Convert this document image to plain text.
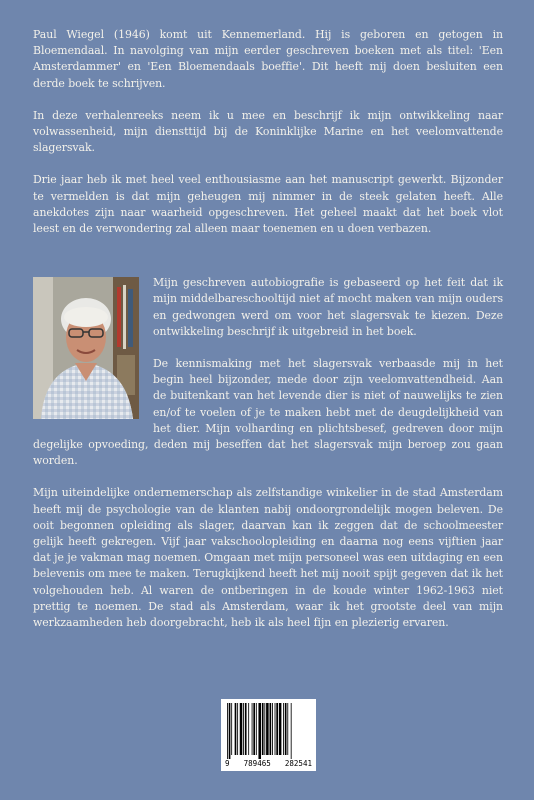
Paul Wiegel (1946) komt uit Kennemerland. Hij is geboren en getogen in Bloemendaal. In navolging van mijn eerder geschreven boeken met als titel: 'Een Amsterdammer' en 'Een Bloemendaals boeffie'. Dit heeft mij doen besluiten een derde boek te schrijven.

In deze verhalenreeks neem ik u mee en beschrijf ik mijn ontwikkeling naar volwassenheid, mijn diensttijd bij de Koninklijke Marine en het veelomvattende slagersvak.

Drie jaar heb ik met heel veel enthousiasme aan het manuscript gewerkt. Bijzonder te vermelden is dat mijn geheugen mij nimmer in de steek gelaten heeft. Alle anekdotes zijn naar waarheid opgeschreven. Het geheel maakt dat het boek vlot leest en de verwondering zal alleen maar toenemen en u doen verbazen.

Mijn geschreven autobiografie is gebaseerd op het feit dat ik mijn middelbareschooltijd niet af mocht maken van mijn ouders en gedwongen werd om voor het slagersvak te kiezen. Deze ontwikkeling beschrijf ik uitgebreid in het boek.

De kennismaking met het slagersvak verbaasde mij in het begin heel bijzonder, mede door zijn veelomvattendheid. Aan de buitenkant van het levende dier is niet of nauwelijks te zien en/of te voelen of je te maken hebt met de deugdelijkheid van het dier. Mijn volharding en plichtsbesef, gedreven door mijn degelijke opvoeding, deden mij beseffen dat het slagersvak mijn beroep zou gaan worden.

Mijn uiteindelijke ondernemerschap als zelfstandige winkelier in de stad Amsterdam heeft mij de psychologie van de klanten nabij ondoorgrondelijk mogen beleven. De ooit begonnen opleiding als slager, daarvan kan ik zeggen dat de schoolmeester gelijk heeft gekregen. Vijf jaar vakschoolopleiding en daarna nog eens vijftien jaar dat je je vakman mag noemen. Omgaan met mijn personeel was een uitdaging en een belevenis om mee te maken. Terugkijkend heeft het mij nooit spijt gegeven dat ik het volgehouden heb. Al waren de ontberingen in de koude winter 1962-1963 niet prettig te noemen. De stad als Amsterdam, waar ik het grootste deel van mijn werkzaamheden heb doorgebracht, heb ik als heel fijn en plezierig ervaren.

9 789465 282541
